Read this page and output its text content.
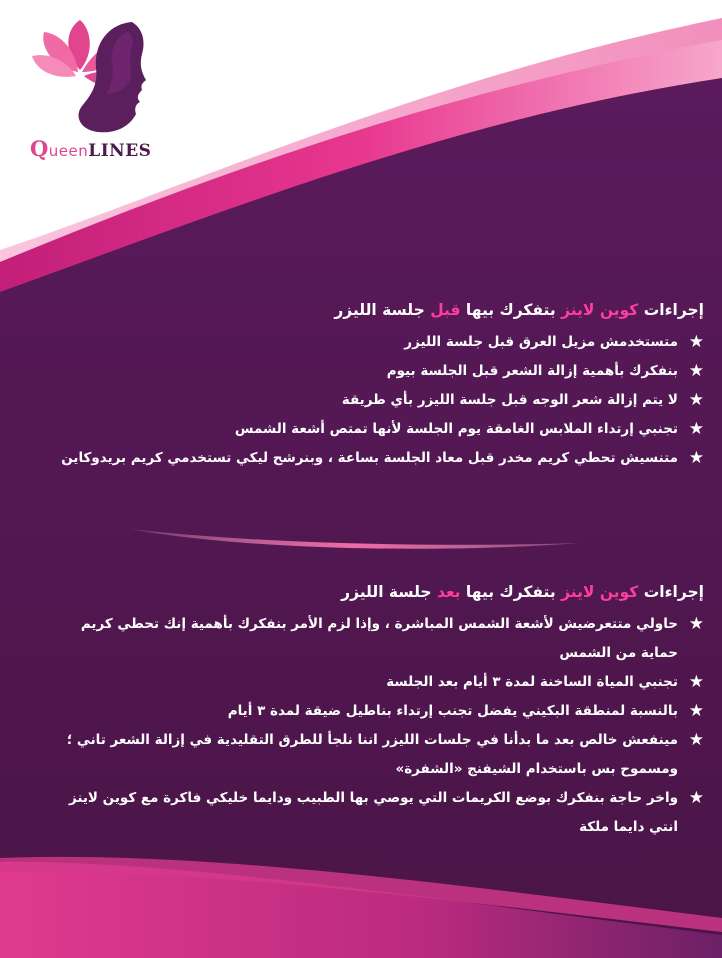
QueenLINES
إجراءات كوين لاينز بتفكرك بيها قبل جلسة الليزر
★
متستخدمش مزيل العرق قبل جلسة الليزر
★
بنفكرك بأهمية إزالة الشعر قبل الجلسة بيوم
★
لا يتم إزالة شعر الوجه قبل جلسة الليزر بأي طريقة
★
تجنبي إرتداء الملابس الغامقة يوم الجلسة لأنها تمتص أشعة الشمس
★
متنسيش تحطي كريم مخدر قبل معاد الجلسة بساعة ، وبنرشح ليكي تستخدمي كريم بريدوكاين
إجراءات كوين لاينز بتفكرك بيها بعد جلسة الليزر
★
حاولي متتعرضيش لأشعة الشمس المباشرة ، وإذا لزم الأمر بنفكرك بأهمية إنك تحطي كريم حماية من الشمس
★
تجنبي المياة الساخنة لمدة ٣ أيام بعد الجلسة
★
بالنسبة لمنطقة البكيني يفضل تجنب إرتداء بناطيل ضيقة لمدة ٣ أيام
★
مينفعش خالص بعد ما بدأنا في جلسات الليزر اننا نلجأ للطرق التقليدية في إزالة الشعر تاني ؛ ومسموح بس باستخدام الشيفنج «الشفرة»
★
واخر حاجة بنفكرك بوضع الكريمات التي يوصي بها الطبيب ودايما خليكي فاكرة مع كوين لاينز انتي دايما ملكة
